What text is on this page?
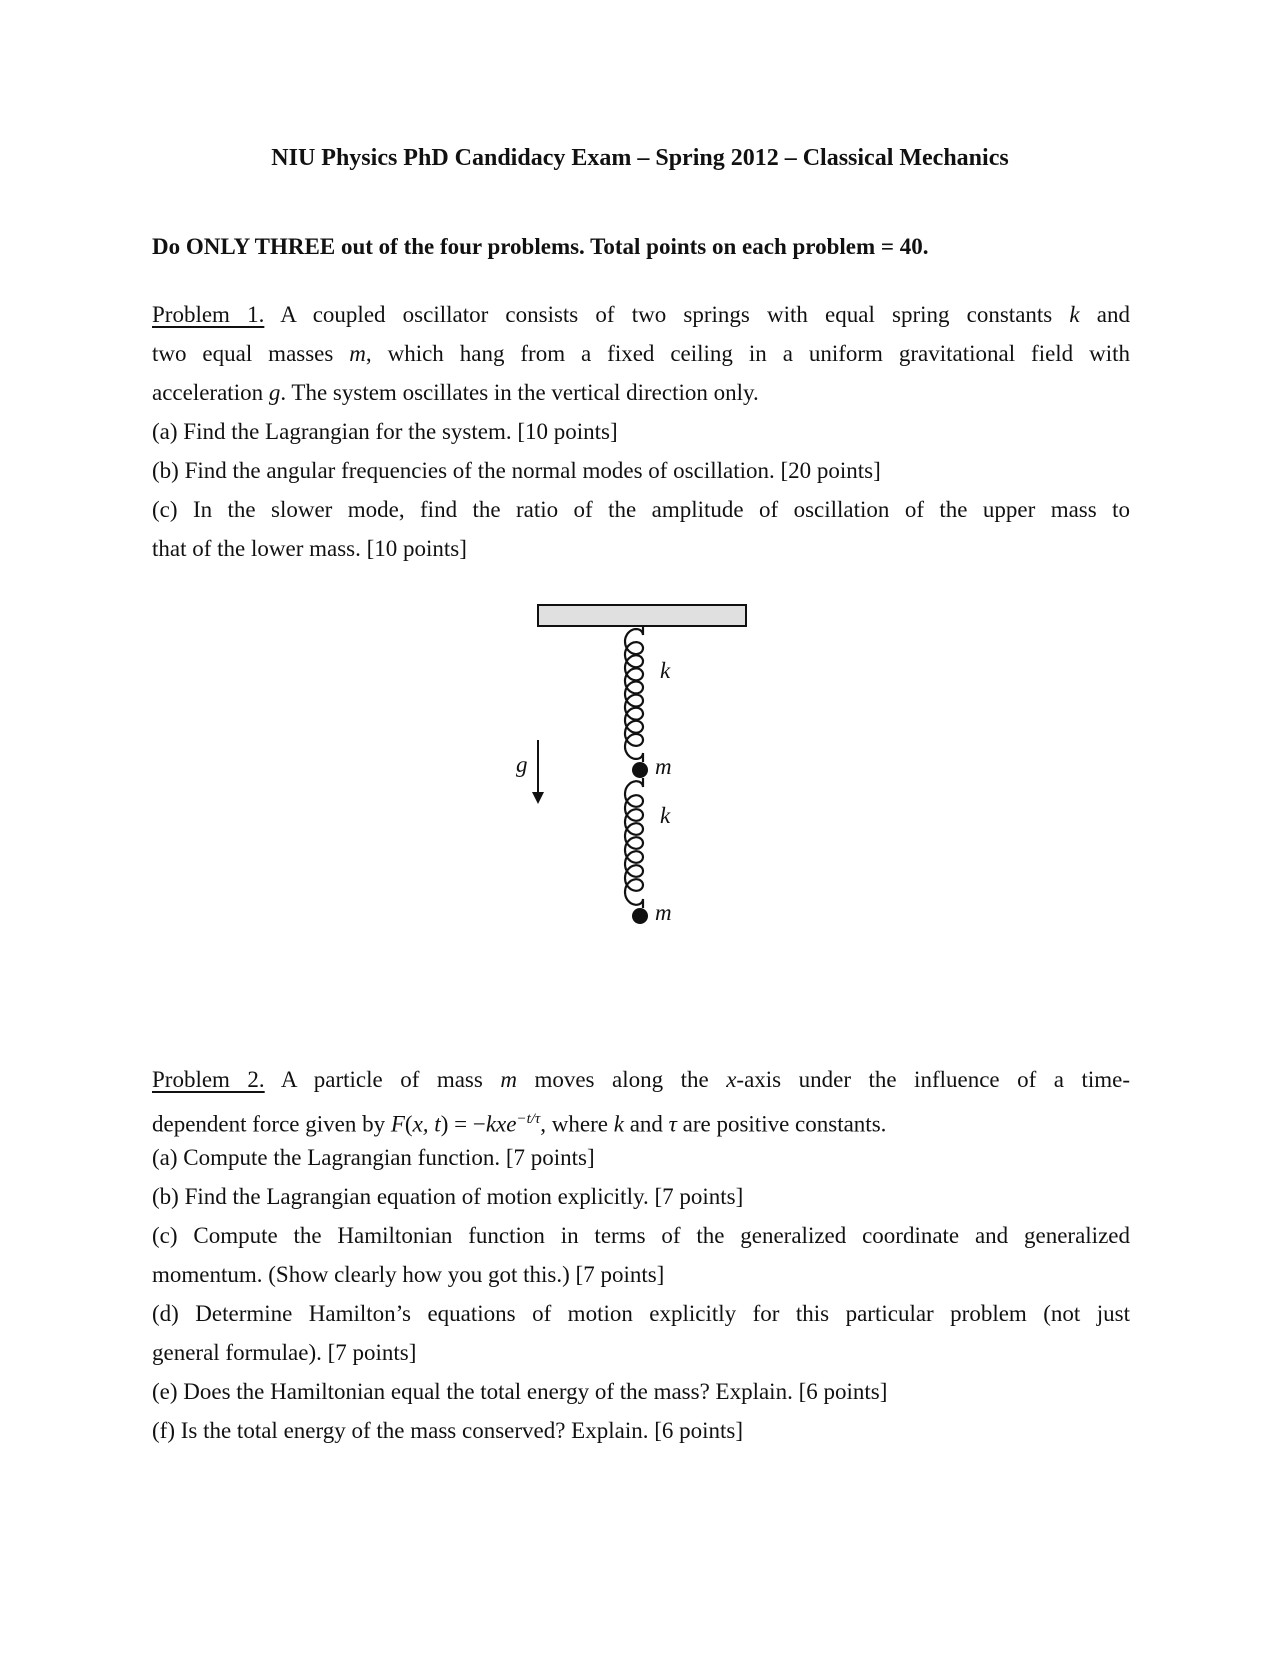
NIU Physics PhD Candidacy Exam – Spring 2012 – Classical Mechanics
Do ONLY THREE out of the four problems. Total points on each problem = 40.
Problem 1. A coupled oscillator consists of two springs with equal spring constants k and
two equal masses m, which hang from a fixed ceiling in a uniform gravitational field with
acceleration g. The system oscillates in the vertical direction only.
(a) Find the Lagrangian for the system. [10 points]
(b) Find the angular frequencies of the normal modes of oscillation. [20 points]
(c) In the slower mode, find the ratio of the amplitude of oscillation of the upper mass to
that of the lower mass. [10 points]
k
m
k
m
g
Problem 2. A particle of mass m moves along the x-axis under the influence of a time-
dependent force given by F(x, t) = −kxe$^{-t/\tau}$, where k and τ are positive constants.
(a) Compute the Lagrangian function. [7 points]
(b) Find the Lagrangian equation of motion explicitly. [7 points]
(c) Compute the Hamiltonian function in terms of the generalized coordinate and generalized
momentum. (Show clearly how you got this.) [7 points]
(d) Determine Hamilton’s equations of motion explicitly for this particular problem (not just
general formulae). [7 points]
(e) Does the Hamiltonian equal the total energy of the mass? Explain. [6 points]
(f) Is the total energy of the mass conserved? Explain. [6 points]
